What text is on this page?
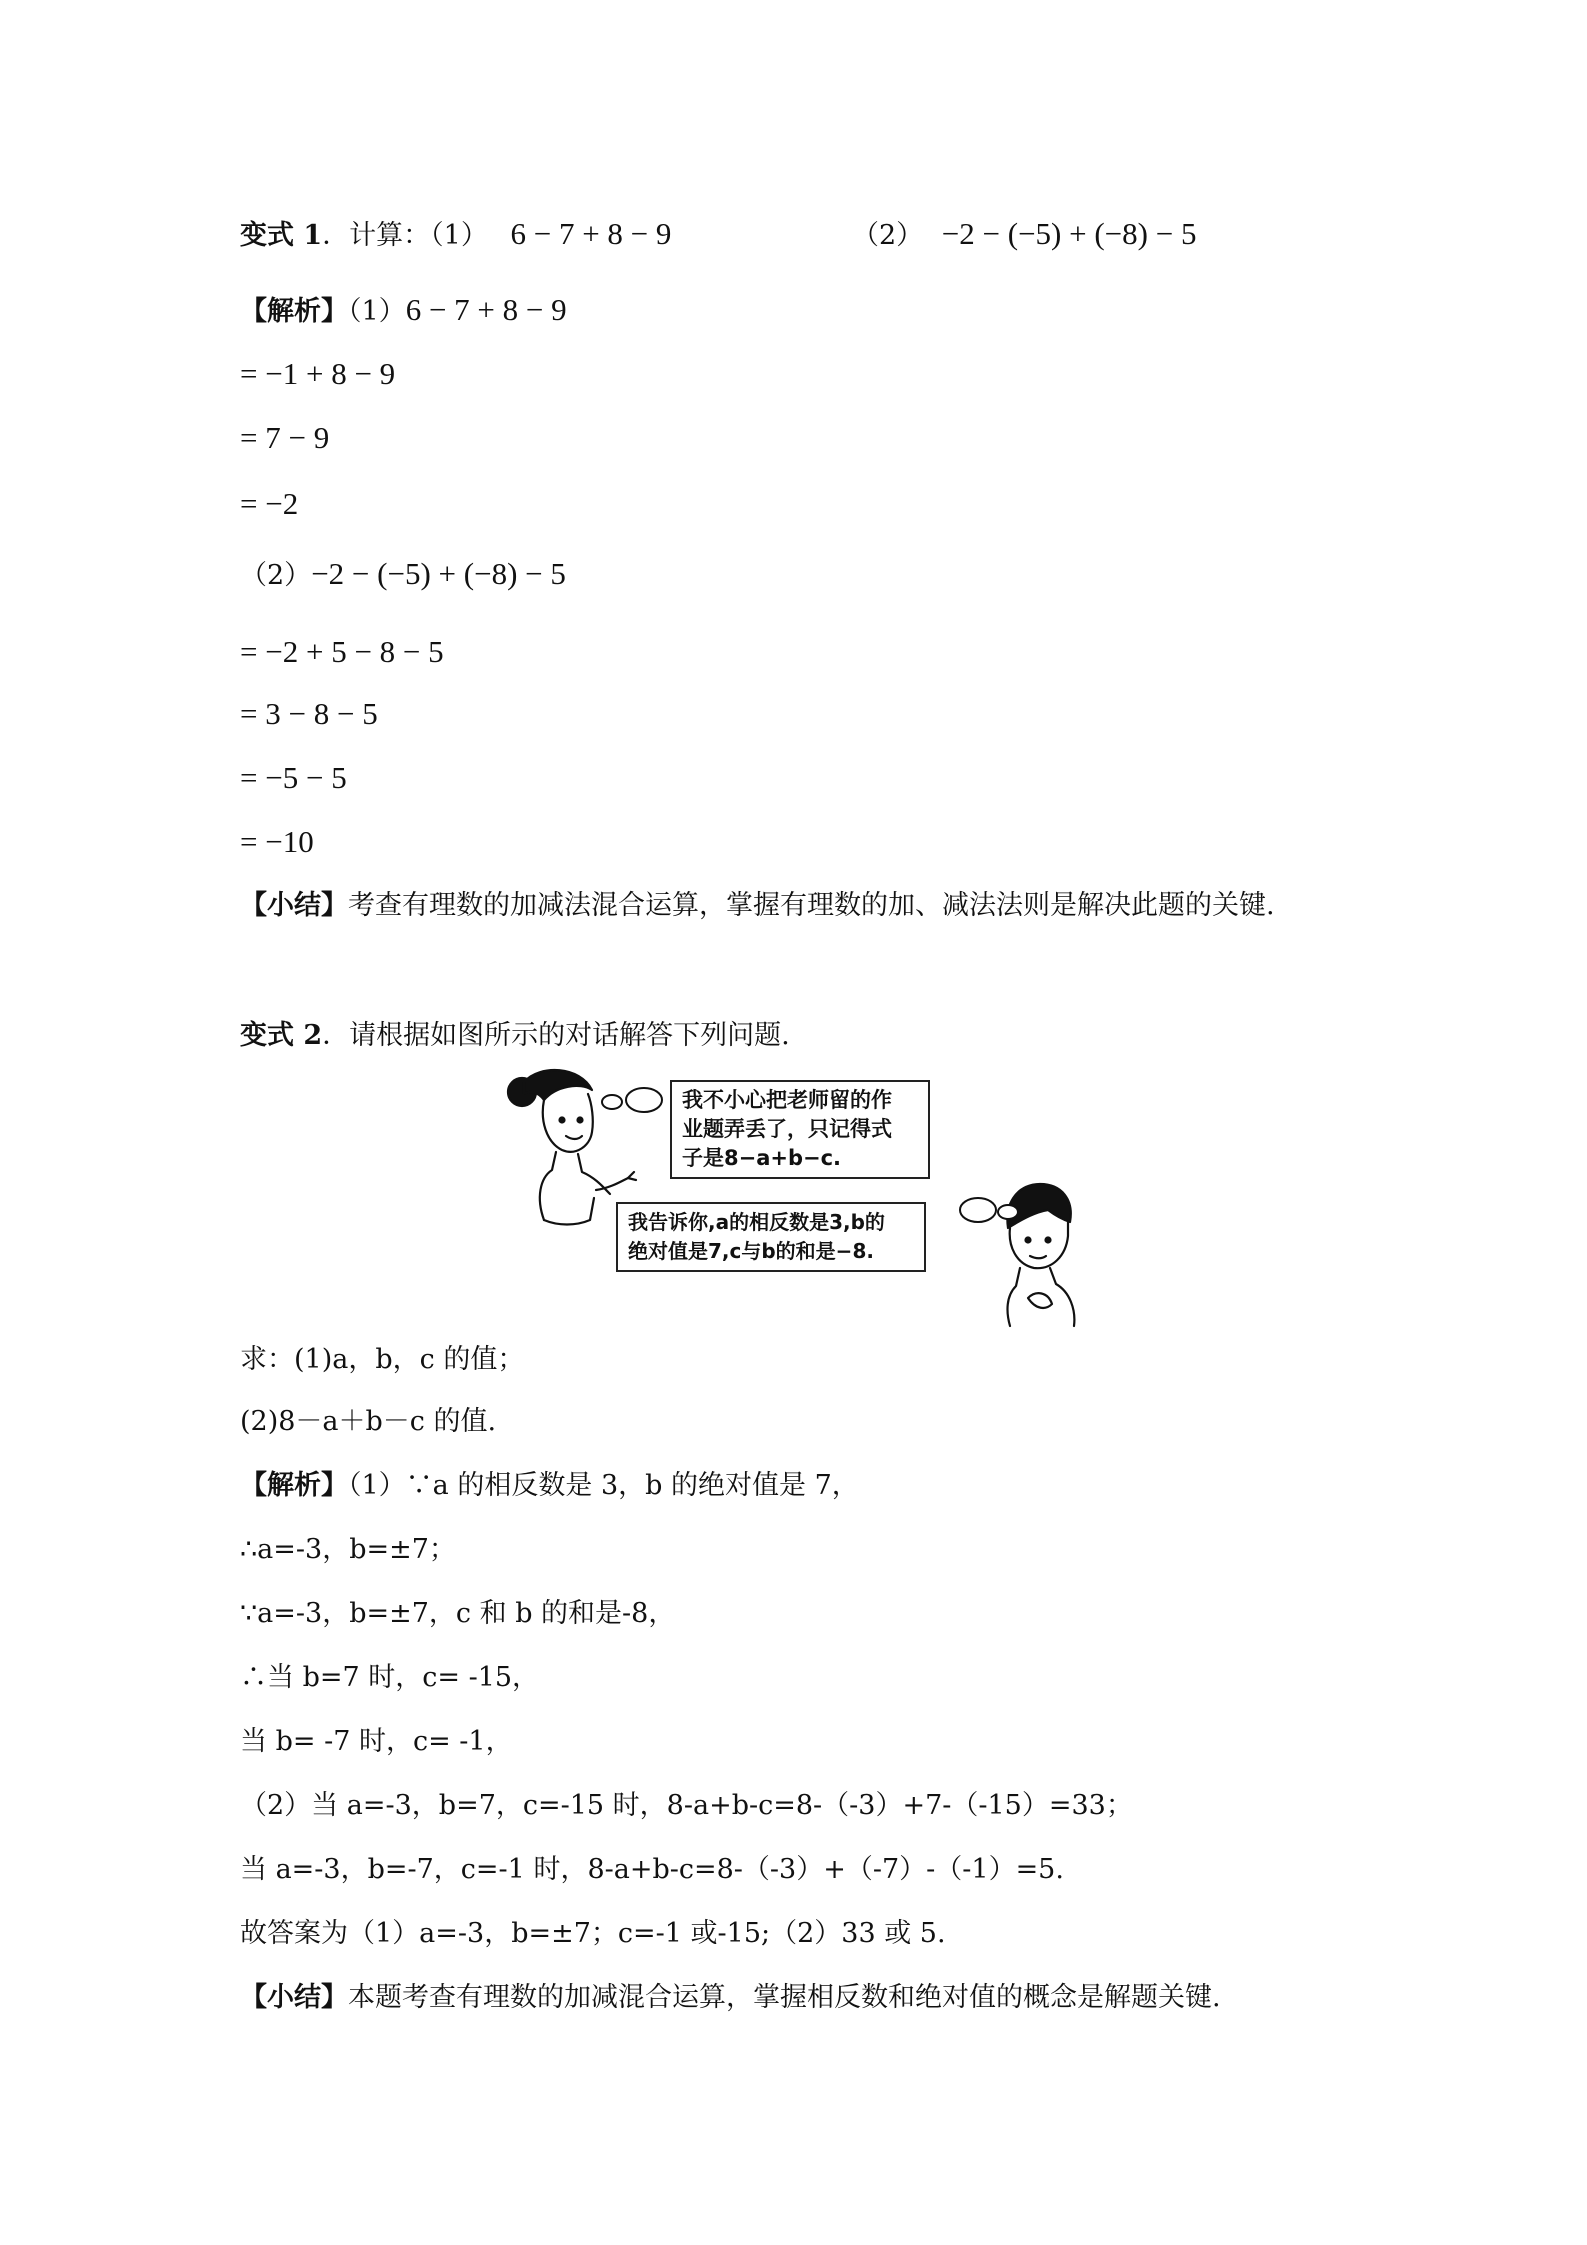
变式 1．计算：（1） 6 − 7 + 8 − 9	（2） −2 − (−5) + (−8) − 5
【解析】（1）6 − 7 + 8 − 9
= −1 + 8 − 9
= 7 − 9
= −2
（2）−2 − (−5) + (−8) − 5
= −2 + 5 − 8 − 5
= 3 − 8 − 5
= −5 − 5
= −10
【小结】考查有理数的加减法混合运算，掌握有理数的加、减法法则是解决此题的关键.
变式 2．请根据如图所示的对话解答下列问题.
我不小心把老师留的作
业题弄丢了，只记得式
子是8−a+b−c.
我告诉你,a的相反数是3,b的
绝对值是7,c与b的和是−8.
求：(1)a，b，c 的值；
(2)8－a＋b－c 的值.
【解析】（1）∵a 的相反数是 3，b 的绝对值是 7，
∴a=-3，b=±7；
∵a=-3，b=±7，c 和 b 的和是-8，
∴当 b=7 时，c= -15，
当 b= -7 时，c= -1，
（2）当 a=-3，b=7，c=-15 时，8-a+b-c=8-（-3）+7-（-15）=33；
当 a=-3，b=-7，c=-1 时，8-a+b-c=8-（-3）+（-7）-（-1）=5.
故答案为（1）a=-3，b=±7；c=-1 或-15;（2）33 或 5.
【小结】本题考查有理数的加减混合运算，掌握相反数和绝对值的概念是解题关键.
